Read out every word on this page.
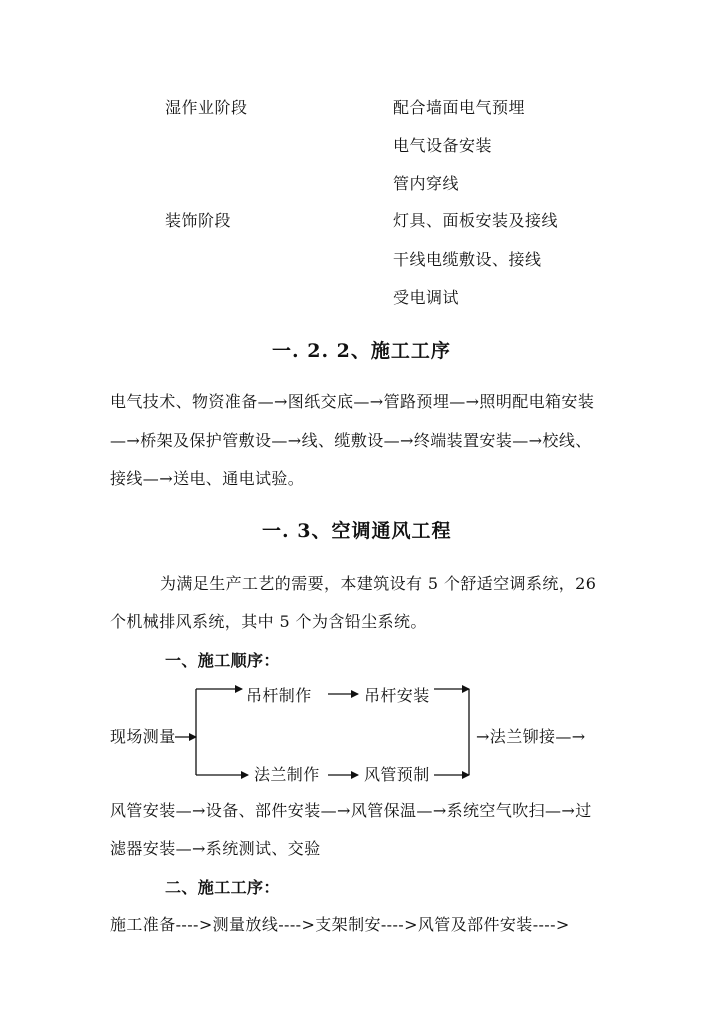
湿作业阶段	配合墙面电气预埋
电气设备安装
管内穿线
装饰阶段	灯具、面板安装及接线
干线电缆敷设、接线
受电调试
一. 2. 2、施工工序
电气技术、物资准备—→图纸交底—→管路预埋—→照明配电箱安装
—→桥架及保护管敷设—→线、缆敷设—→终端装置安装—→校线、
接线—→送电、通电试验。
一. 3、空调通风工程
为满足生产工艺的需要，本建筑设有 5 个舒适空调系统，26
个机械排风系统，其中 5 个为含铅尘系统。
一、施工顺序：
现场测量
吊杆制作	吊杆安装
法兰制作	风管预制
→法兰铆接—→
风管安装—→设备、部件安装—→风管保温—→系统空气吹扫—→过
滤器安装—→系统测试、交验
二、施工工序：
施工准备---->测量放线---->支架制安---->风管及部件安装---->
